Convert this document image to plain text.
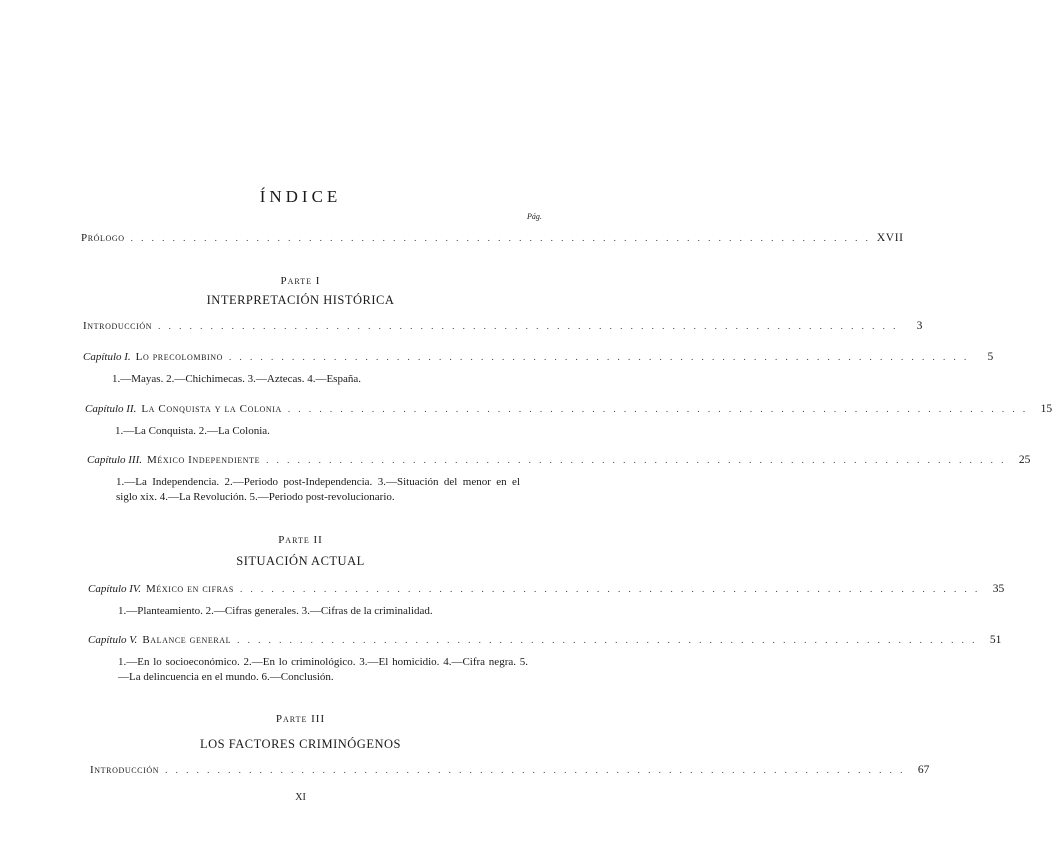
ÍNDICE
Pág.
Prólogo . . . . . . . . . . . . . . . . . . . . . . . . . . . . . . . . . . . . . . . . . . . . . . . . . . . . . . . . . . . . . . . . . . . . . . . XVII
Parte I
INTERPRETACIÓN HISTÓRICA
Introducción . . . . . . . . . . . . . . . . . . . . . . . . . . . . . . . . . . . . . . . . . . . . . . . . . . . . . . . . . . . . . . . . . . . . . . .	3
Capítulo I. Lo precolombino . . . . . . . . . . . . . . . . . . . . . . . . . . . . . . . . . . . . . . . . . . . . . . . . . . . . . . . . . . . . . . . . . . . . . . .	5
1.—Mayas. 2.—Chichimecas. 3.—Aztecas. 4.—España.
Capítulo II. La Conquista y la Colonia . . . . . . . . . . . . . . . . . . . . . . . . . . . . . . . . . . . . . . . . . . . . . . . . . . . . . . . . . . . . . . . . . . . . . . .	15
1.—La Conquista. 2.—La Colonia.
Capítulo III. México Independiente . . . . . . . . . . . . . . . . . . . . . . . . . . . . . . . . . . . . . . . . . . . . . . . . . . . . . . . . . . . . . . . . . . . . . . .	25
1.—La Independencia. 2.—Periodo post-Independencia. 3.—Situación del menor en el siglo xix. 4.—La Revolución. 5.—Periodo post-revolucionario.
Parte II
SITUACIÓN ACTUAL
Capítulo IV. México en cifras . . . . . . . . . . . . . . . . . . . . . . . . . . . . . . . . . . . . . . . . . . . . . . . . . . . . . . . . . . . . . . . . . . . . . . .	35
1.—Planteamiento. 2.—Cifras generales. 3.—Cifras de la criminalidad.
Capítulo V. Balance general . . . . . . . . . . . . . . . . . . . . . . . . . . . . . . . . . . . . . . . . . . . . . . . . . . . . . . . . . . . . . . . . . . . . . . .	51
1.—En lo socioeconómico. 2.—En lo criminológico. 3.—El homicidio. 4.—Cifra negra. 5.—La delincuencia en el mundo. 6.—Conclusión.
Parte III
LOS FACTORES CRIMINÓGENOS
Introducción . . . . . . . . . . . . . . . . . . . . . . . . . . . . . . . . . . . . . . . . . . . . . . . . . . . . . . . . . . . . . . . . . . . . . . .	67
XI
